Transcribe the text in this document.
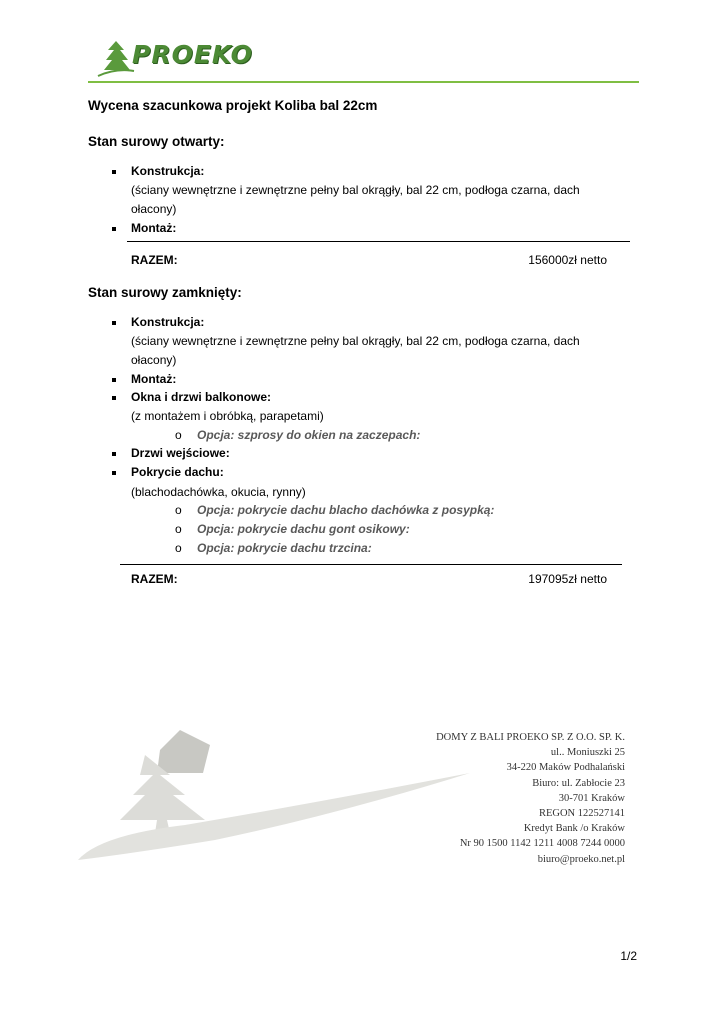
PROEKO
Wycena szacunkowa projekt Koliba bal 22cm
Stan surowy otwarty:
Konstrukcja:
(ściany wewnętrzne i zewnętrzne pełny bal okrągły, bal 22 cm, podłoga czarna, dach ołacony)
Montaż:
RAZEM:	156000zł netto
Stan surowy zamknięty:
Konstrukcja:
(ściany wewnętrzne i zewnętrzne pełny bal okrągły, bal 22 cm, podłoga czarna, dach ołacony)
Montaż:
Okna i drzwi balkonowe:
(z montażem i obróbką, parapetami)
o Opcja: szprosy do okien na zaczepach:
Drzwi wejściowe:
Pokrycie dachu:
(blachodachówka, okucia, rynny)
o Opcja: pokrycie dachu blacho dachówka z posypką:
o Opcja: pokrycie dachu gont osikowy:
o Opcja: pokrycie dachu trzcina:
RAZEM:	197095zł netto
DOMY Z BALI PROEKO SP. Z O.O. SP. K.
ul.. Moniuszki 25
34-220 Maków Podhalański
Biuro: ul. Zabłocie 23
30-701 Kraków
REGON 122527141
Kredyt Bank /o Kraków
Nr 90 1500 1142 1211 4008 7244 0000
biuro@proeko.net.pl
1/2
